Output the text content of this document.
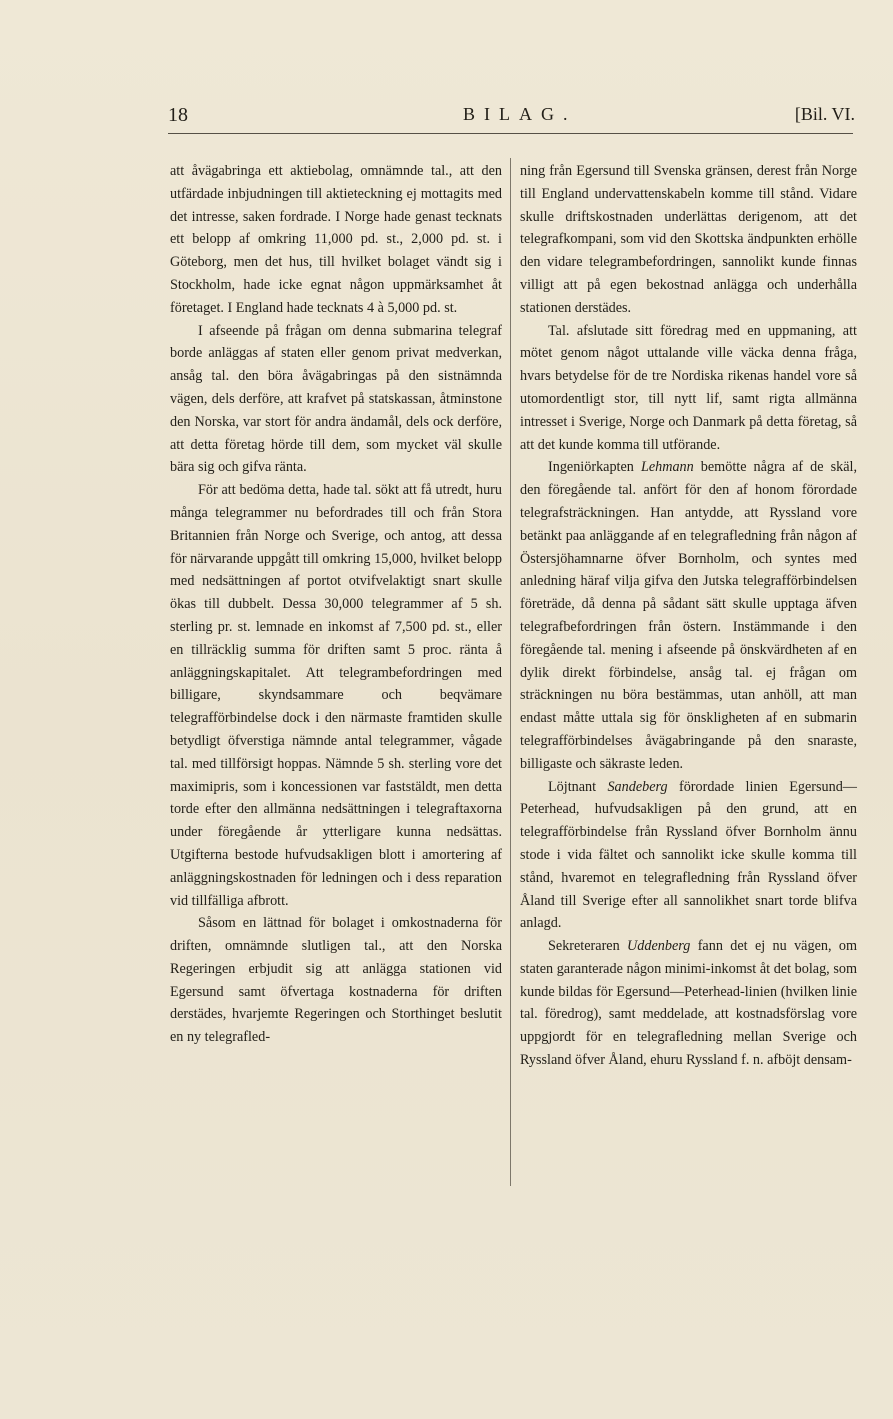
18	BILAG.	[Bil. VI.

att åvägabringa ett aktiebolag, omnämnde tal., att den utfärdade inbjudningen till aktieteckning ej mottagits med det intresse, saken fordrade. I Norge hade genast tecknats ett belopp af omkring 11,000 pd. st., 2,000 pd. st. i Göteborg, men det hus, till hvilket bolaget vändt sig i Stockholm, hade icke egnat någon uppmärksamhet åt företaget. I England hade tecknats 4 à 5,000 pd. st.

I afseende på frågan om denna submarina telegraf borde anläggas af staten eller genom privat medverkan, ansåg tal. den böra åvägabringas på den sistnämnda vägen, dels derföre, att krafvet på statskassan, åtminstone den Norska, var stort för andra ändamål, dels ock derföre, att detta företag hörde till dem, som mycket väl skulle bära sig och gifva ränta.

För att bedöma detta, hade tal. sökt att få utredt, huru många telegrammer nu befordrades till och från Stora Britannien från Norge och Sverige, och antog, att dessa för närvarande uppgått till omkring 15,000, hvilket belopp med nedsättningen af portot otvifvelaktigt snart skulle ökas till dubbelt. Dessa 30,000 telegrammer af 5 sh. sterling pr. st. lemnade en inkomst af 7,500 pd. st., eller en tillräcklig summa för driften samt 5 proc. ränta å anläggningskapitalet. Att telegrambefordringen med billigare, skyndsammare och beqvämare telegrafförbindelse dock i den närmaste framtiden skulle betydligt öfverstiga nämnde antal telegrammer, vågade tal. med tillförsigt hoppas. Nämnde 5 sh. sterling vore det maximipris, som i koncessionen var faststäldt, men detta torde efter den allmänna nedsättningen i telegraftaxorna under föregående år ytterligare kunna nedsättas. Utgifterna bestode hufvudsakligen blott i amortering af anläggningskostnaden för ledningen och i dess reparation vid tillfälliga afbrott.

Såsom en lättnad för bolaget i omkostnaderna för driften, omnämnde slutligen tal., att den Norska Regeringen erbjudit sig att anlägga stationen vid Egersund samt öfvertaga kostnaderna för driften derstädes, hvarjemte Regeringen och Storthinget beslutit en ny telegrafled-

ning från Egersund till Svenska gränsen, derest från Norge till England undervattenskabeln komme till stånd. Vidare skulle driftskostnaden underlättas derigenom, att det telegrafkompani, som vid den Skottska ändpunkten erhölle den vidare telegrambefordringen, sannolikt kunde finnas villigt att på egen bekostnad anlägga och underhålla stationen derstädes.

Tal. afslutade sitt föredrag med en uppmaning, att mötet genom något uttalande ville väcka denna fråga, hvars betydelse för de tre Nordiska rikenas handel vore så utomordentligt stor, till nytt lif, samt rigta allmänna intresset i Sverige, Norge och Danmark på detta företag, så att det kunde komma till utförande.

Ingeniörkapten Lehmann bemötte några af de skäl, den föregående tal. anfört för den af honom förordade telegrafsträckningen. Han antydde, att Ryssland vore betänkt paa anläggande af en telegrafledning från någon af Östersjöhamnarne öfver Bornholm, och syntes med anledning häraf vilja gifva den Jutska telegrafförbindelsen företräde, då denna på sådant sätt skulle upptaga äfven telegrafbefordringen från östern. Instämmande i den föregående tal. mening i afseende på önskvärdheten af en dylik direkt förbindelse, ansåg tal. ej frågan om sträckningen nu böra bestämmas, utan anhöll, att man endast måtte uttala sig för önskligheten af en submarin telegrafförbindelses åvägabringande på den snaraste, billigaste och säkraste leden.

Löjtnant Sandeberg förordade linien Egersund—Peterhead, hufvudsakligen på den grund, att en telegrafförbindelse från Ryssland öfver Bornholm ännu stode i vida fältet och sannolikt icke skulle komma till stånd, hvaremot en telegrafledning från Ryssland öfver Åland till Sverige efter all sannolikhet snart torde blifva anlagd.

Sekreteraren Uddenberg fann det ej nu vägen, om staten garanterade någon minimi-inkomst åt det bolag, som kunde bildas för Egersund—Peterhead-linien (hvilken linie tal. föredrog), samt meddelade, att kostnadsförslag vore uppgjordt för en telegrafledning mellan Sverige och Ryssland öfver Åland, ehuru Ryssland f. n. afböjt densam-
